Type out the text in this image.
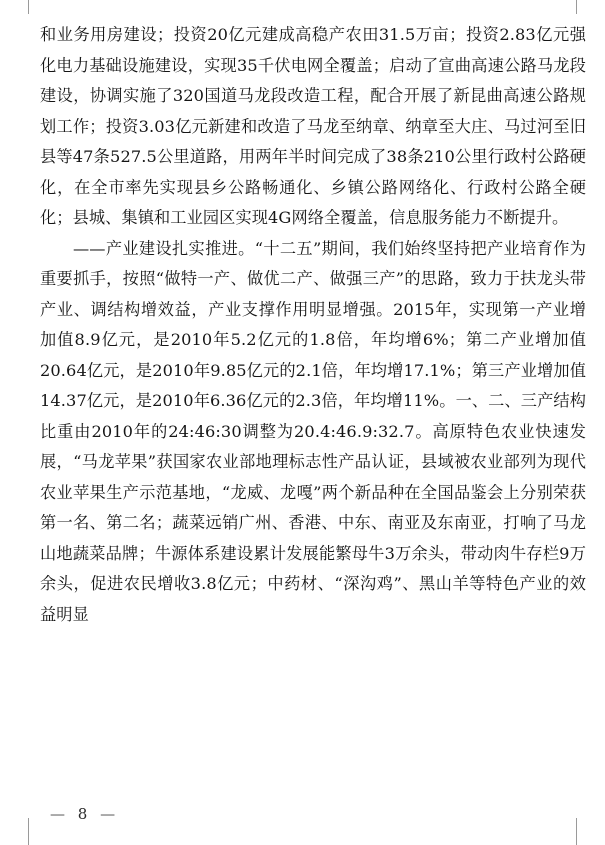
和业务用房建设；投资20亿元建成高稳产农田31.5万亩；投资2.83亿元强化电力基础设施建设，实现35千伏电网全覆盖；启动了宣曲高速公路马龙段建设，协调实施了320国道马龙段改造工程，配合开展了新昆曲高速公路规划工作；投资3.03亿元新建和改造了马龙至纳章、纳章至大庄、马过河至旧县等47条527.5公里道路，用两年半时间完成了38条210公里行政村公路硬化，在全市率先实现县乡公路畅通化、乡镇公路网络化、行政村公路全硬化；县城、集镇和工业园区实现4G网络全覆盖，信息服务能力不断提升。

——产业建设扎实推进。“十二五”期间，我们始终坚持把产业培育作为重要抓手，按照“做特一产、做优二产、做强三产”的思路，致力于扶龙头带产业、调结构增效益，产业支撑作用明显增强。2015年，实现第一产业增加值8.9亿元，是2010年5.2亿元的1.8倍，年均增6%；第二产业增加值20.64亿元，是2010年9.85亿元的2.1倍，年均增17.1%；第三产业增加值14.37亿元，是2010年6.36亿元的2.3倍，年均增11%。一、二、三产结构比重由2010年的24:46:30调整为20.4:46.9:32.7。高原特色农业快速发展，“马龙苹果”获国家农业部地理标志性产品认证，县域被农业部列为现代农业苹果生产示范基地，“龙威、龙嘎”两个新品种在全国品鉴会上分别荣获第一名、第二名；蔬菜远销广州、香港、中东、南亚及东南亚，打响了马龙山地蔬菜品牌；牛源体系建设累计发展能繁母牛3万余头，带动肉牛存栏9万余头，促进农民增收3.8亿元；中药材、“深沟鸡”、黑山羊等特色产业的效益明显

— 8 —
